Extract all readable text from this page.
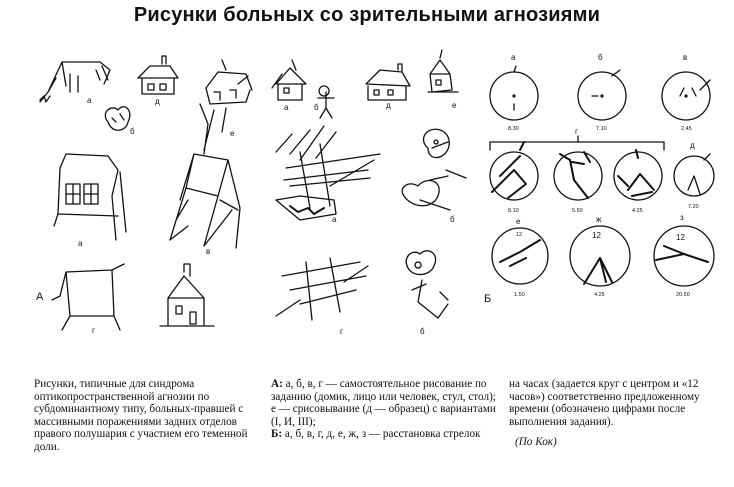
Рисунки больных со зрительными агнозиями
а	д
б	е
а
в
г
а	б	д	е
а	б
г	б
А	Б
а
8.30
б
7.10
в
2.45
г
8.10	5.50	4.25
д
7.20
12
е
1.50
12
ж
4.25
12
з
20.50

Рисунки, типичные для синдрома оптикопространственной агнозии по субдоминантному типу, больных-правшей с массивными поражениями задних отделов правого полушария с участием его теменной доли.

А: а, б, в, г — самостоятельное рисование по заданию (домик, лицо или человек, стул, стол);

е — срисовывание (д — образец) с вариантами (I, И, III);

Б: а, б, в, г, д, е, ж, з — расстановка стрелок

на часах (задается круг с центром и «12 часов») соответственно предложенному времени (обозначено цифрами после выполнения задания).

(По Кок)
